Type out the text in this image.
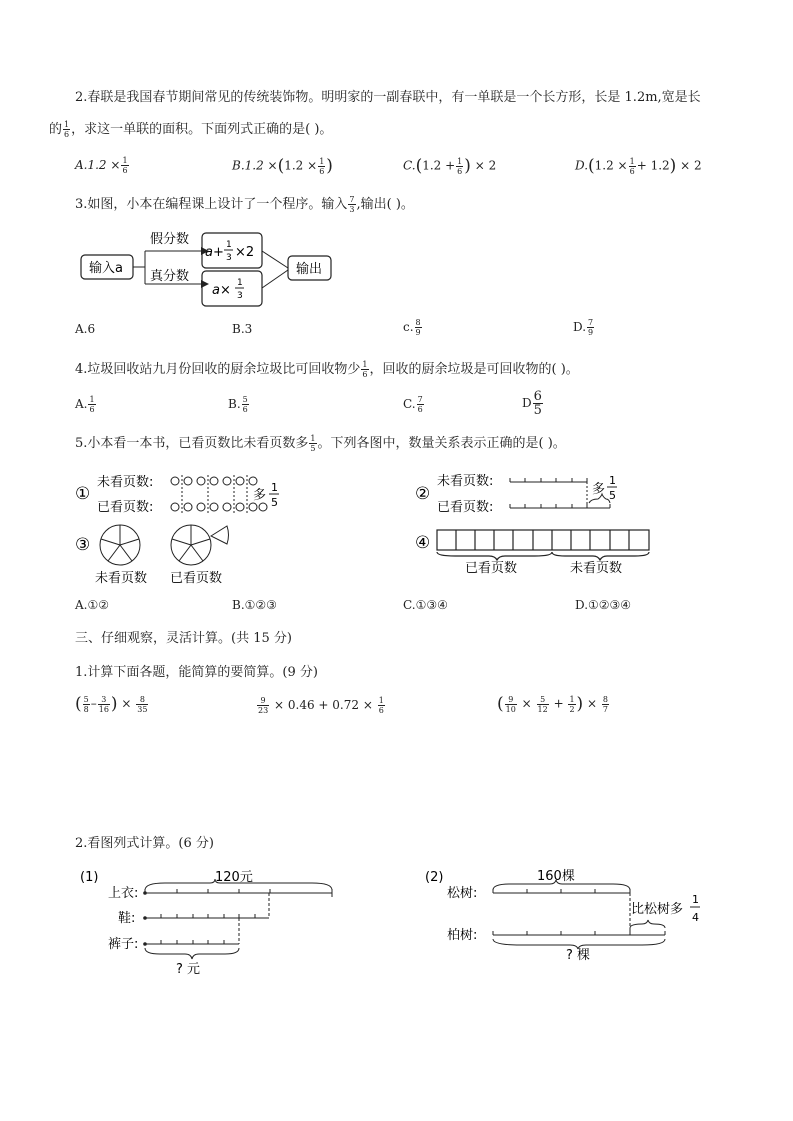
2.春联是我国春节期间常见的传统装饰物。明明家的一副春联中，有一单联是一个长方形，长是 1.2m,宽是长
的 $\frac{1}{6}$ ，求这一单联的面积。下面列式正确的是( )。
$A.1.2 \times \frac{1}{6}$	$B.1.2 \times(1.2 \times \frac{1}{6}$ )	$C.(1.2 + \frac{1}{6}$ ) × 2	$D.(1.2 \times \frac{1}{6} + 1.2) \times 2$
3.如图，小本在编程课上设计了一个程序。输入 $\frac{7}{3}$ ,输出( )。
输入a
假分数
真分数
a+ 1
3 ×2
a× 1
3
输出
A.6	B.3	c. $\frac{8}{9}$	D. $\frac{7}{9}$
4.垃圾回收站九月份回收的厨余垃圾比可回收物少 $\frac{1}{6}$ ，回收的厨余垃圾是可回收物的( )。
A. $\frac{1}{6}$	B. $\frac{5}{6}$	C. $\frac{7}{6}$	D $\frac{6}{5}$
5.小本看一本书，已看页数比未看页数多 $\frac{1}{5}$ 。下列各图中，数量关系表示正确的是( )。
①
未看页数:
已看页数:
多
1
5	②
未看页数:
已看页数:
多
1
5
③
未看页数 已看页数
④
已看页数	未看页数
A.①②	B.①②③	C.①③④	D.①②③④
三、仔细观察，灵活计算。(共 15 分)
1.计算下面各题，能简算的要简算。(9 分)
( $\frac{5}{8} - \frac{3}{16}$ ) × $\frac{8}{35}$	$\frac{9}{23} \times 0.46 + 0.72 \times \frac{1}{6}$	( $\frac{9}{10} \times \frac{5}{12} + \frac{1}{2}$ ) × $\frac{8}{7}$
2.看图列式计算。(6 分)
(1)	120元
上衣:
鞋:
裤子:
? 元
(2)	160棵
松树:
柏树:
比松树多
1
4
? 棵
